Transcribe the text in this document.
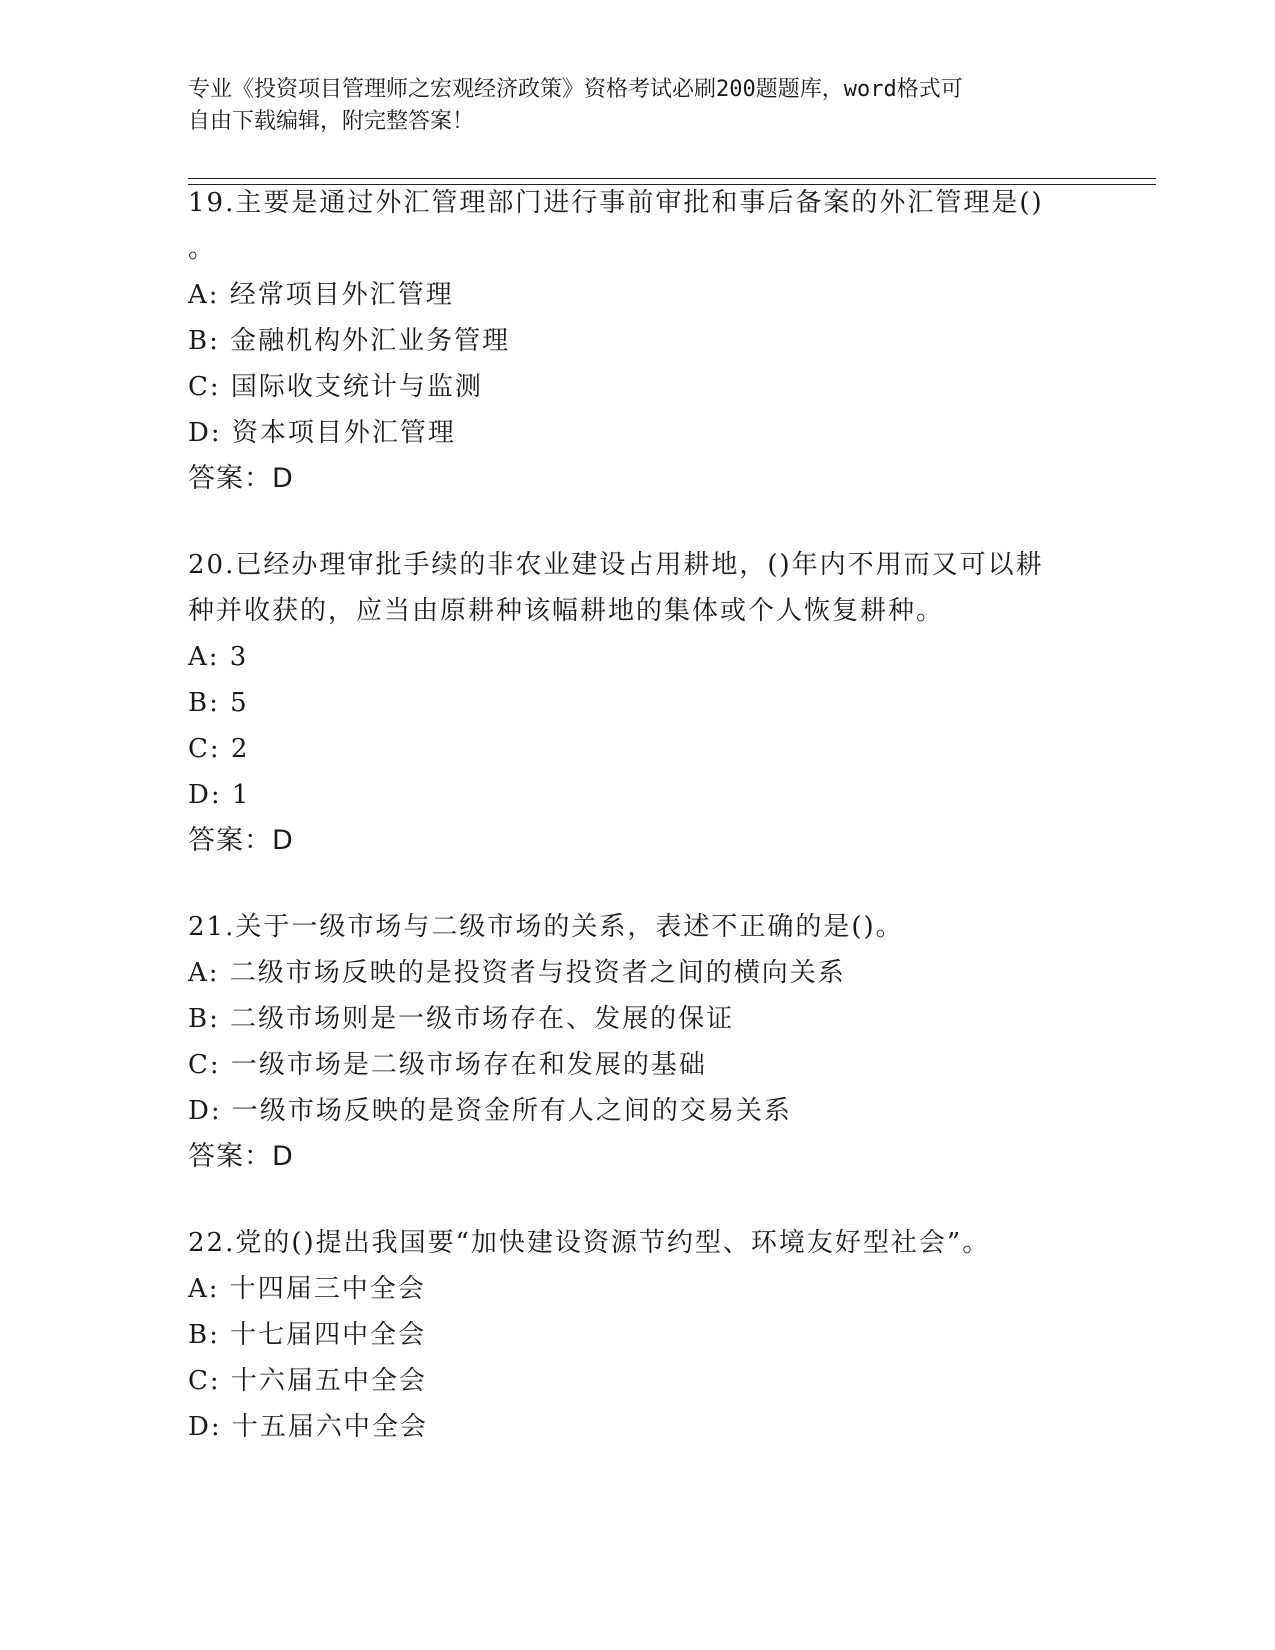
专业《投资项目管理师之宏观经济政策》资格考试必刷200题题库，word格式可
自由下载编辑，附完整答案！
19.主要是通过外汇管理部门进行事前审批和事后备案的外汇管理是()
。
A: 经常项目外汇管理
B: 金融机构外汇业务管理
C: 国际收支统计与监测
D: 资本项目外汇管理
答案：D
20.已经办理审批手续的非农业建设占用耕地，()年内不用而又可以耕
种并收获的，应当由原耕种该幅耕地的集体或个人恢复耕种。
A: 3
B: 5
C: 2
D: 1
答案：D
21.关于一级市场与二级市场的关系，表述不正确的是()。
A: 二级市场反映的是投资者与投资者之间的横向关系
B: 二级市场则是一级市场存在、发展的保证
C: 一级市场是二级市场存在和发展的基础
D: 一级市场反映的是资金所有人之间的交易关系
答案：D
22.党的()提出我国要“加快建设资源节约型、环境友好型社会”。
A: 十四届三中全会
B: 十七届四中全会
C: 十六届五中全会
D: 十五届六中全会
